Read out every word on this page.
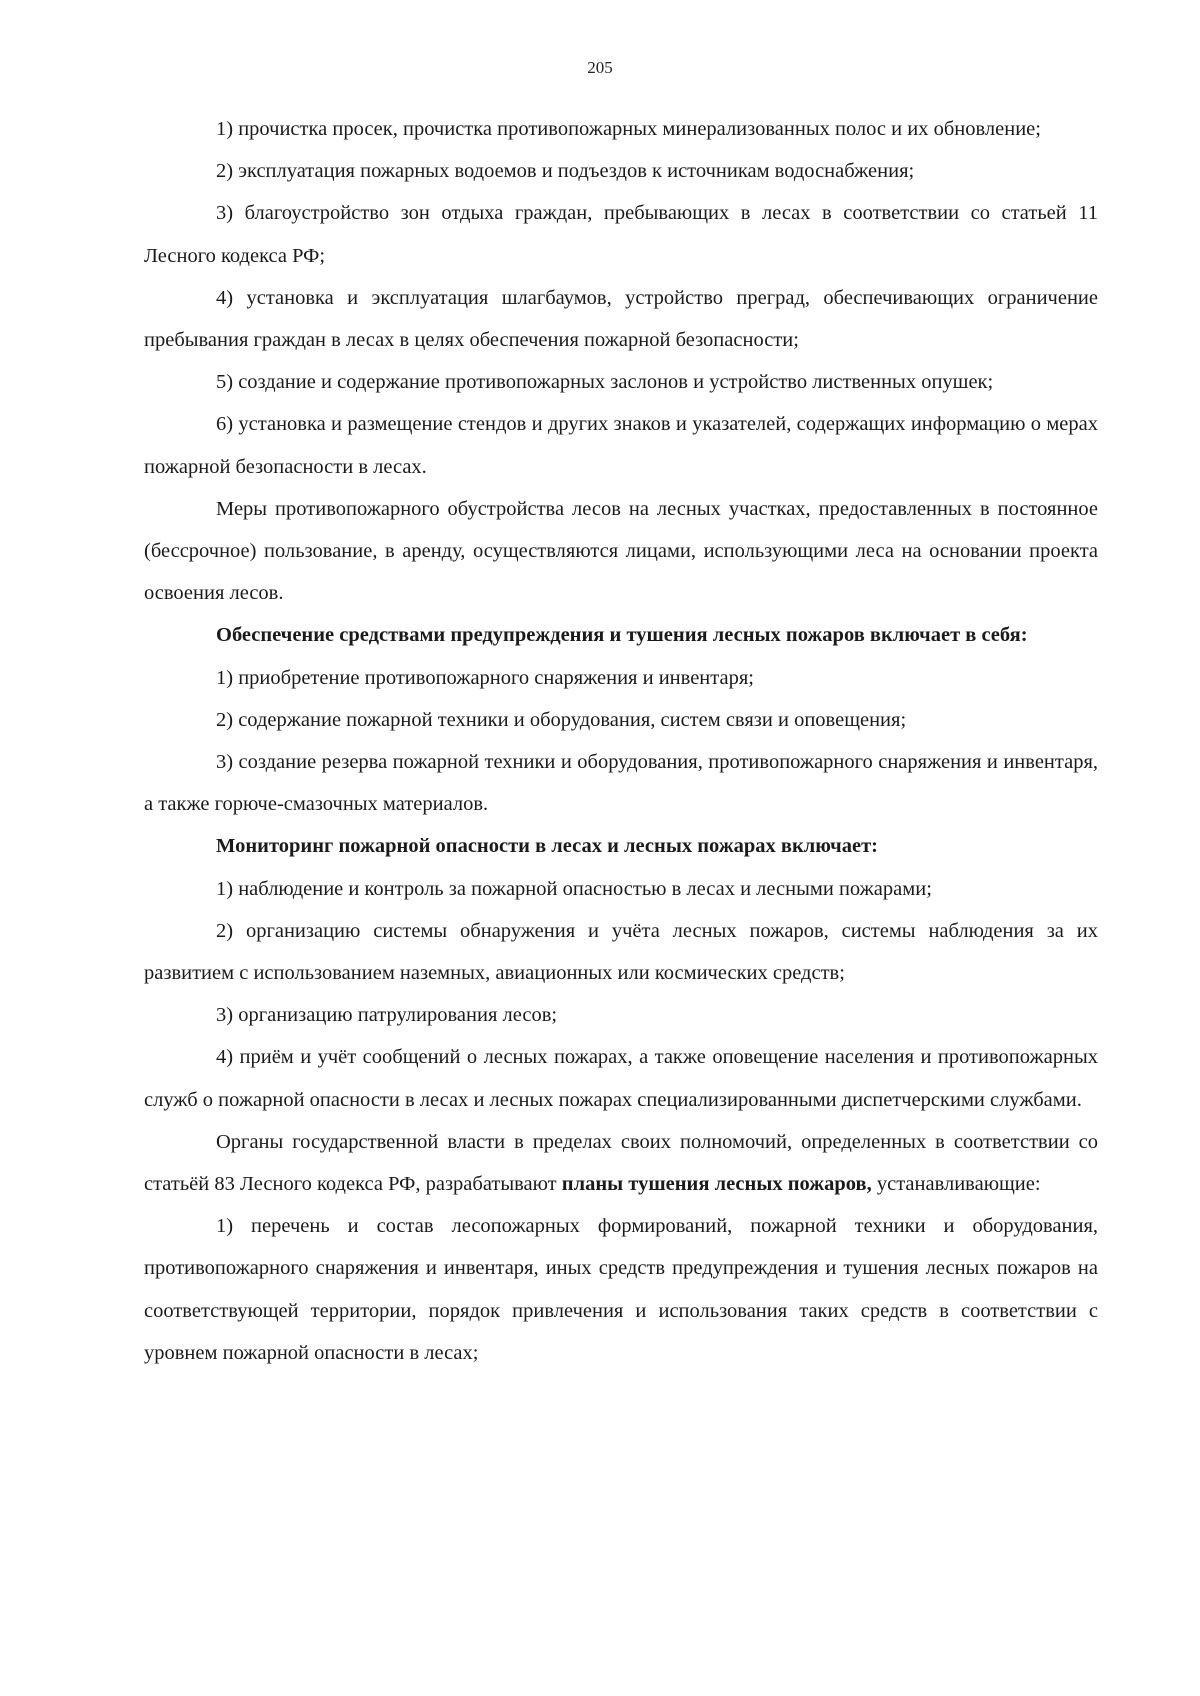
205

1) прочистка просек, прочистка противопожарных минерализованных полос и их обновление;

2) эксплуатация пожарных водоемов и подъездов к источникам водоснабжения;

3) благоустройство зон отдыха граждан, пребывающих в лесах в соответствии со статьей 11 Лесного кодекса РФ;

4) установка и эксплуатация шлагбаумов, устройство преград, обеспечивающих ограничение пребывания граждан в лесах в целях обеспечения пожарной безопасности;

5) создание и содержание противопожарных заслонов и устройство лиственных опушек;

6) установка и размещение стендов и других знаков и указателей, содержащих информацию о мерах пожарной безопасности в лесах.

Меры противопожарного обустройства лесов на лесных участках, предоставленных в постоянное (бессрочное) пользование, в аренду, осуществляются лицами, использующими леса на основании проекта освоения лесов.

Обеспечение средствами предупреждения и тушения лесных пожаров включает в себя:

1) приобретение противопожарного снаряжения и инвентаря;

2) содержание пожарной техники и оборудования, систем связи и оповещения;

3) создание резерва пожарной техники и оборудования, противопожарного снаряжения и инвентаря, а также горюче-смазочных материалов.

Мониторинг пожарной опасности в лесах и лесных пожарах включает:

1) наблюдение и контроль за пожарной опасностью в лесах и лесными пожарами;

2) организацию системы обнаружения и учёта лесных пожаров, системы наблюдения за их развитием с использованием наземных, авиационных или космических средств;

3) организацию патрулирования лесов;

4) приём и учёт сообщений о лесных пожарах, а также оповещение населения и противопожарных служб о пожарной опасности в лесах и лесных пожарах специализированными диспетчерскими службами.

Органы государственной власти в пределах своих полномочий, определенных в соответствии со статьёй 83 Лесного кодекса РФ, разрабатывают планы тушения лесных пожаров, устанавливающие:

1) перечень и состав лесопожарных формирований, пожарной техники и оборудования, противопожарного снаряжения и инвентаря, иных средств предупреждения и тушения лесных пожаров на соответствующей территории, порядок привлечения и использования таких средств в соответствии с уровнем пожарной опасности в лесах;
